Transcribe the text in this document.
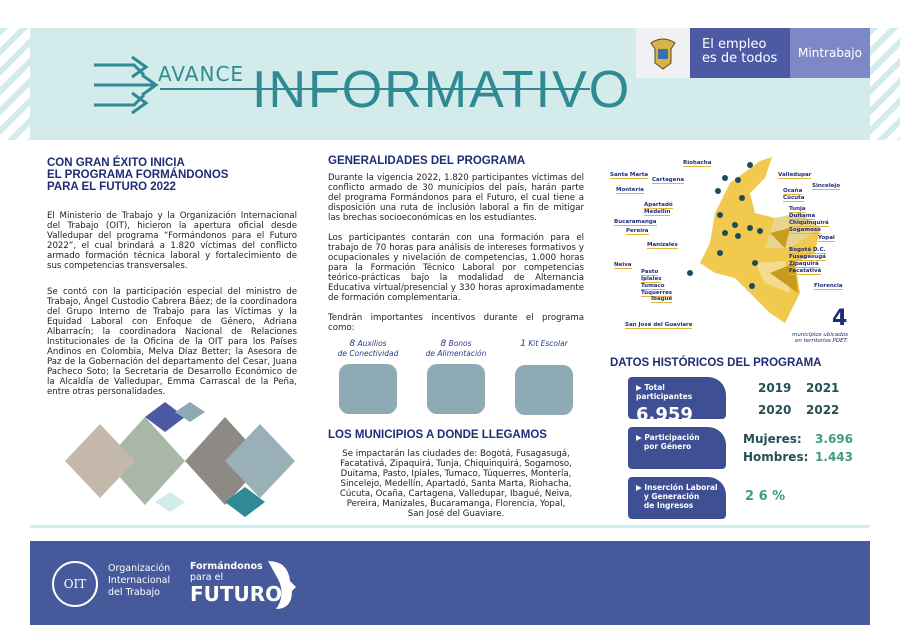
AVANCE INFORMATIVO
El empleo
es de todos	Mintrabajo
CON GRAN ÉXITO INICIA
EL PROGRAMA FORMÁNDONOS
PARA EL FUTURO 2022

El Ministerio de Trabajo y la Organización Internacional del Trabajo (OIT), hicieron la apertura oficial desde Valledupar del programa “Formándonos para el Futuro 2022”, el cual brindará a 1.820 víctimas del conflicto armado formación técnica laboral y fortalecimiento de sus competencias transversales.

Se contó con la participación especial del ministro de Trabajo, Ángel Custodio Cabrera Báez; de la coordinadora del Grupo Interno de Trabajo para las Víctimas y la Equidad Laboral con Enfoque de Género, Adriana Albarracín; la coordinadora Nacional de Relaciones Institucionales de la Oficina de la OIT para los Países Andinos en Colombia, Melva Díaz Better; la Asesora de Paz de la Gobernación del departamento del Cesar, Juana Pacheco Soto; la Secretaria de Desarrollo Económico de la Alcaldía de Valledupar, Emma Carrascal de la Peña, entre otras personalidades.

GENERALIDADES DEL PROGRAMA

Durante la vigencia 2022, 1.820 participantes víctimas del conflicto armado de 30 municipios del país, harán parte del programa Formándonos para el Futuro, el cual tiene a disposición una ruta de inclusión laboral a fin de mitigar las brechas socioeconómicas en los estudiantes.

Los participantes contarán con una formación para el trabajo de 70 horas para análisis de intereses formativos y ocupacionales y nivelación de competencias, 1.000 horas para la Formación Técnico Laboral por competencias teórico-prácticas bajo la modalidad de Alternancia Educativa virtual/presencial y 330 horas aproximadamente de formación complementaria.

Tendrán importantes incentivos durante el programa como:

8 Auxilios
de Conectividad
8 Bonos
de Alimentación
1 Kit Escolar

LOS MUNICIPIOS A DONDE LLEGAMOS

Se impactarán las ciudades de: Bogotá, Fusagasugá, Facatativá, Zipaquirá, Tunja, Chiquinquirá, Sogamoso, Duitama, Pasto, Ipiales, Tumaco, Túquerres, Montería, Sincelejo, Medellín, Apartadó, Santa Marta, Riohacha, Cúcuta, Ocaña, Cartagena, Valledupar, Ibagué, Neiva, Pereira, Manizales, Bucaramanga, Florencia, Yopal, San José del Guaviare.

Riohacha
Santa Marta
Cartagena
Valledupar
Sincelejo
Montería	Ocaña
Cúcuta
Apartadó
Medellín	Tunja
Duitama
Chiquinquirá
Sogamoso
Bucaramanga
Pereira
Yopal
Manizales
Bogotá D.C.
Fusagasugá
Zipaquirá
Facatativá
Neiva
Pasto
Ipiales
Tumaco
Túquerres
Florencia
Ibagué
San José del Guaviare	4
municipios ubicados
en territorios PDET.
DATOS HISTÓRICOS DEL PROGRAMA
▶ Total participantes
6.959
2019 2021
2020 2022
▶ Participación
por Género
Mujeres: 3.696
Hombres: 1.443
▶ Inserción Laboral
y Generación
de Ingresos
2 6 %
OIT
Organización
Internacional
del Trabajo
Formándonos
para el
FUTURO
